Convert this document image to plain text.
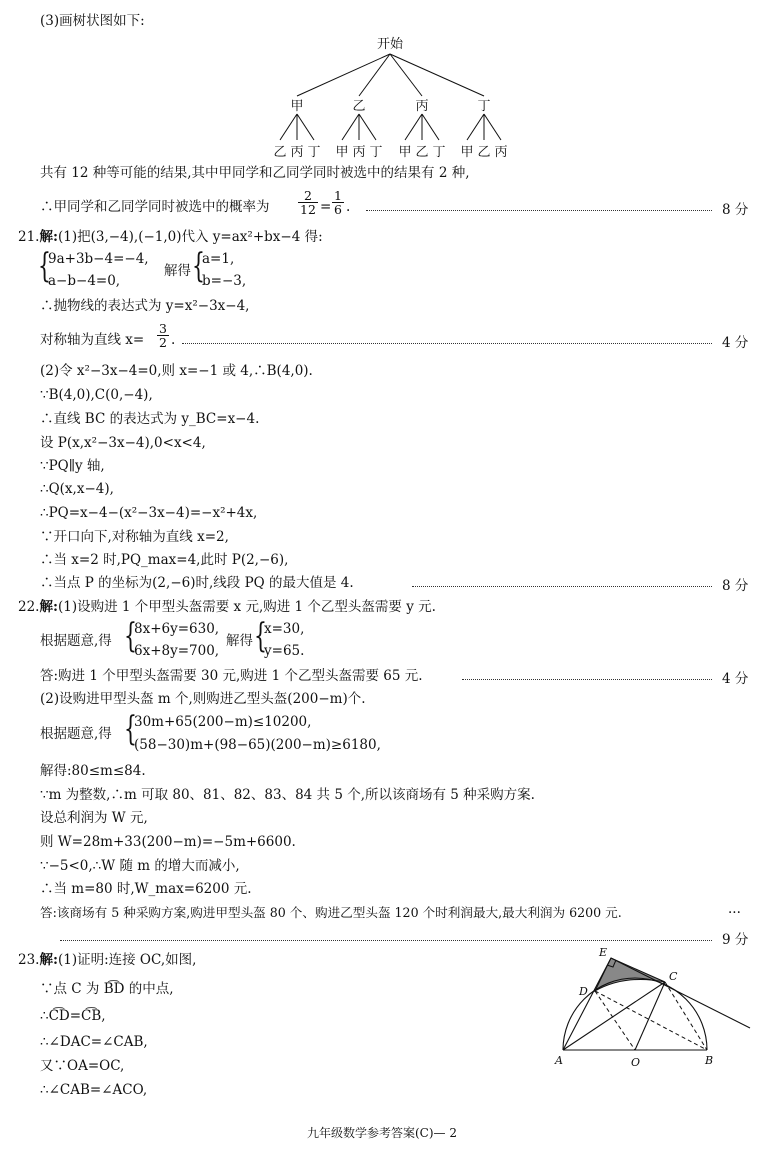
(3)画树状图如下:
开始
甲	乙	丙	丁
乙 丙 丁 甲 丙 丁 甲 乙 丁 甲 乙 丙
共有 12 种等可能的结果,其中甲同学和乙同学同时被选中的结果有 2 种,
∴甲同学和乙同学同时被选中的概率为
2
12 =
1
6 .	8 分
21.解:(1)把(3,−4),(−1,0)代入 y=ax²+bx−4 得:
{
9a+3b−4=−4,
a−b−4=0,
解得 {
a=1,
b=−3,
∴抛物线的表达式为 y=x²−3x−4,
对称轴为直线 x=
3
2 .	4 分
(2)令 x²−3x−4=0,则 x=−1 或 4,∴B(4,0).
∵B(4,0),C(0,−4),
∴直线 BC 的表达式为 y_BC=x−4.
设 P(x,x²−3x−4),0<x<4,
∵PQ∥y 轴,
∴Q(x,x−4),
∴PQ=x−4−(x²−3x−4)=−x²+4x,
∵开口向下,对称轴为直线 x=2,
∴当 x=2 时,PQ_max=4,此时 P(2,−6),
∴当点 P 的坐标为(2,−6)时,线段 PQ 的最大值是 4.	8 分
22.解:(1)设购进 1 个甲型头盔需要 x 元,购进 1 个乙型头盔需要 y 元.
根据题意,得 {
8x+6y=630,
6x+8y=700,
解得 {
x=30,
y=65.
答:购进 1 个甲型头盔需要 30 元,购进 1 个乙型头盔需要 65 元.	4 分
(2)设购进甲型头盔 m 个,则购进乙型头盔(200−m)个.
根据题意,得 {
30m+65(200−m)≤10200,
(58−30)m+(98−65)(200−m)≥6180,
解得:80≤m≤84.
∵m 为整数,∴m 可取 80、81、82、83、84 共 5 个,所以该商场有 5 种采购方案.
设总利润为 W 元,
则 W=28m+33(200−m)=−5m+6600.
∵−5<0,∴W 随 m 的增大而减小,
∴当 m=80 时,W_max=6200 元.
答:该商场有 5 种采购方案,购进甲型头盔 80 个、购进乙型头盔 120 个时利润最大,最大利润为 6200 元.	···
9 分
23.解:(1)证明:连接 OC,如图,
∵点 C 为 B͡D 的中点,
∴C͡D=C͡B,
∴∠DAC=∠CAB,
又∵OA=OC,
∴∠CAB=∠ACO,
E
D
C
A	O	B
九年级数学参考答案(C)— 2
